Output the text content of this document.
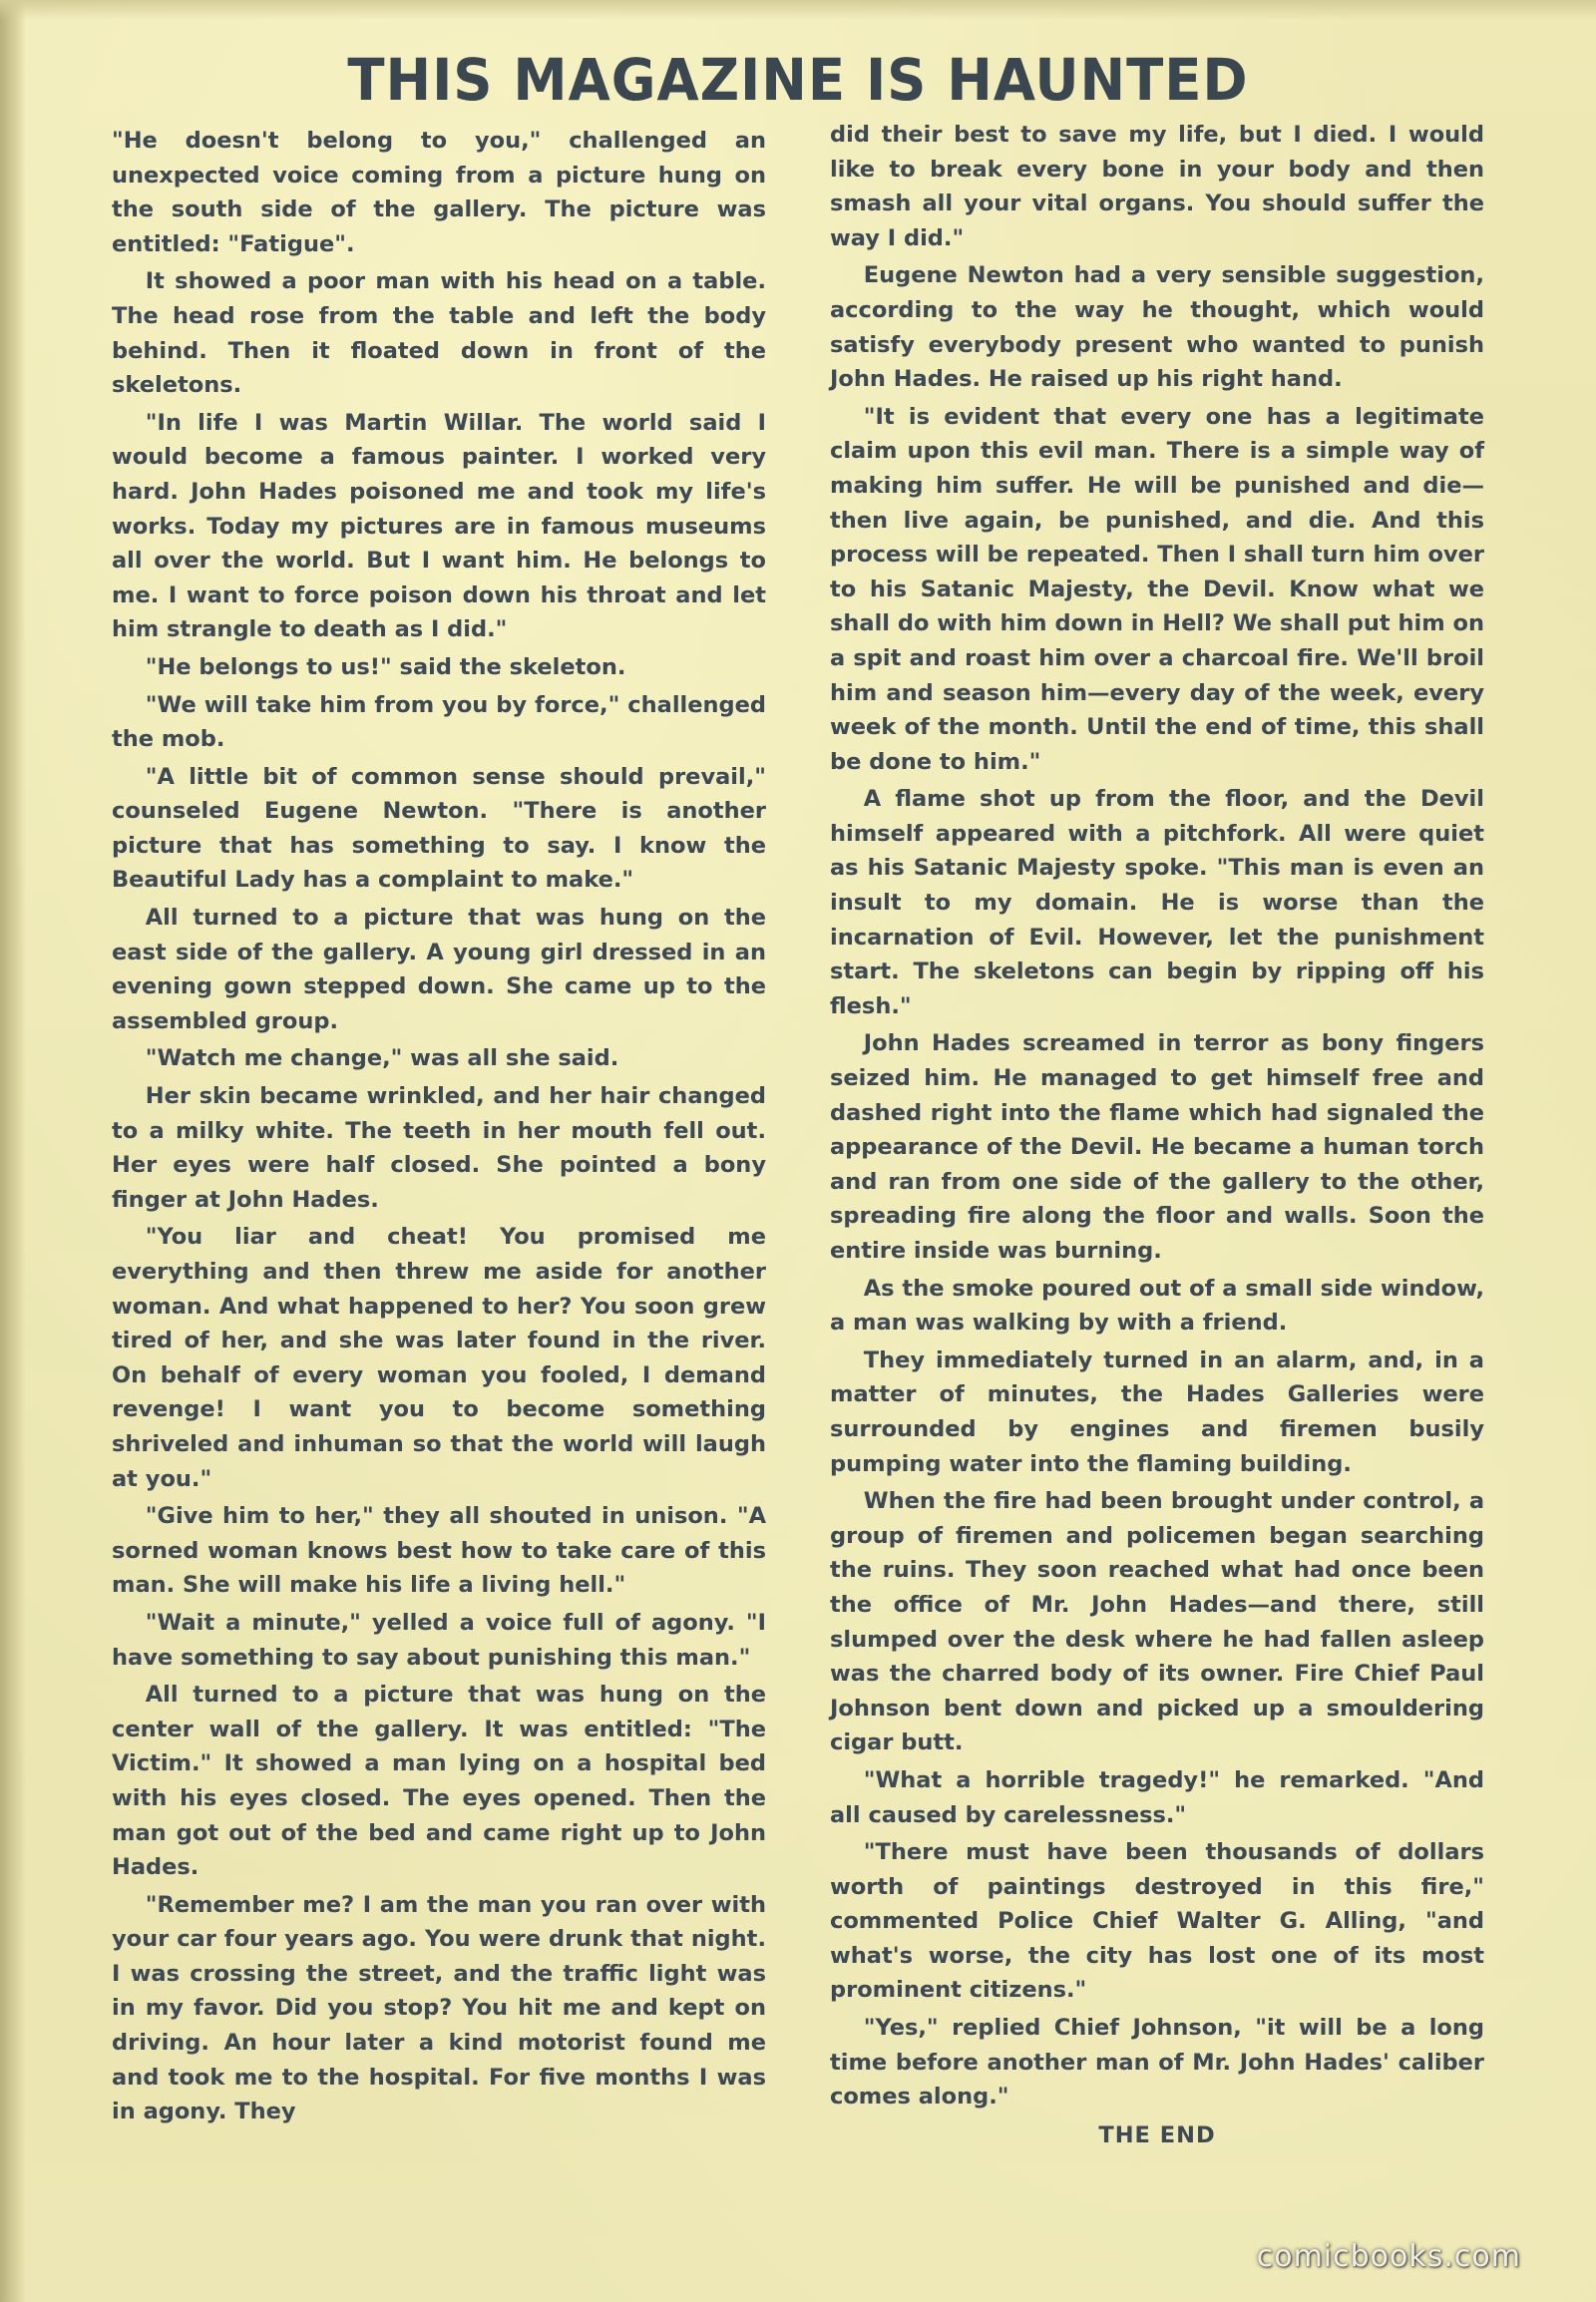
THIS MAGAZINE IS HAUNTED

"He doesn't belong to you," challenged an unexpected voice coming from a picture hung on the south side of the gallery. The picture was entitled: "Fatigue".

It showed a poor man with his head on a table. The head rose from the table and left the body behind. Then it floated down in front of the skeletons.

"In life I was Martin Willar. The world said I would become a famous painter. I worked very hard. John Hades poisoned me and took my life's works. Today my pictures are in famous museums all over the world. But I want him. He belongs to me. I want to force poison down his throat and let him strangle to death as I did."

"He belongs to us!" said the skeleton.

"We will take him from you by force," challenged the mob.

"A little bit of common sense should prevail," counseled Eugene Newton. "There is another picture that has something to say. I know the Beautiful Lady has a complaint to make."

All turned to a picture that was hung on the east side of the gallery. A young girl dressed in an evening gown stepped down. She came up to the assembled group.

"Watch me change," was all she said.

Her skin became wrinkled, and her hair changed to a milky white. The teeth in her mouth fell out. Her eyes were half closed. She pointed a bony finger at John Hades.

"You liar and cheat! You promised me everything and then threw me aside for another woman. And what happened to her? You soon grew tired of her, and she was later found in the river. On behalf of every woman you fooled, I demand revenge! I want you to become something shriveled and inhuman so that the world will laugh at you."

"Give him to her," they all shouted in unison. "A sorned woman knows best how to take care of this man. She will make his life a living hell."

"Wait a minute," yelled a voice full of agony. "I have something to say about punishing this man."

All turned to a picture that was hung on the center wall of the gallery. It was entitled: "The Victim." It showed a man lying on a hospital bed with his eyes closed. The eyes opened. Then the man got out of the bed and came right up to John Hades.

"Remember me? I am the man you ran over with your car four years ago. You were drunk that night. I was crossing the street, and the traffic light was in my favor. Did you stop? You hit me and kept on driving. An hour later a kind motorist found me and took me to the hospital. For five months I was in agony. They

did their best to save my life, but I died. I would like to break every bone in your body and then smash all your vital organs. You should suffer the way I did."

Eugene Newton had a very sensible suggestion, according to the way he thought, which would satisfy everybody present who wanted to punish John Hades. He raised up his right hand.

"It is evident that every one has a legitimate claim upon this evil man. There is a simple way of making him suffer. He will be punished and die—then live again, be punished, and die. And this process will be repeated. Then I shall turn him over to his Satanic Majesty, the Devil. Know what we shall do with him down in Hell? We shall put him on a spit and roast him over a charcoal fire. We'll broil him and season him—every day of the week, every week of the month. Until the end of time, this shall be done to him."

A flame shot up from the floor, and the Devil himself appeared with a pitchfork. All were quiet as his Satanic Majesty spoke. "This man is even an insult to my domain. He is worse than the incarnation of Evil. However, let the punishment start. The skeletons can begin by ripping off his flesh."

John Hades screamed in terror as bony fingers seized him. He managed to get himself free and dashed right into the flame which had signaled the appearance of the Devil. He became a human torch and ran from one side of the gallery to the other, spreading fire along the floor and walls. Soon the entire inside was burning.

As the smoke poured out of a small side window, a man was walking by with a friend.

They immediately turned in an alarm, and, in a matter of minutes, the Hades Galleries were surrounded by engines and firemen busily pumping water into the flaming building.

When the fire had been brought under control, a group of firemen and policemen began searching the ruins. They soon reached what had once been the office of Mr. John Hades—and there, still slumped over the desk where he had fallen asleep was the charred body of its owner. Fire Chief Paul Johnson bent down and picked up a smouldering cigar butt.

"What a horrible tragedy!" he remarked. "And all caused by carelessness."

"There must have been thousands of dollars worth of paintings destroyed in this fire," commented Police Chief Walter G. Alling, "and what's worse, the city has lost one of its most prominent citizens."

"Yes," replied Chief Johnson, "it will be a long time before another man of Mr. John Hades' caliber comes along."

THE END

comicbooks.com
